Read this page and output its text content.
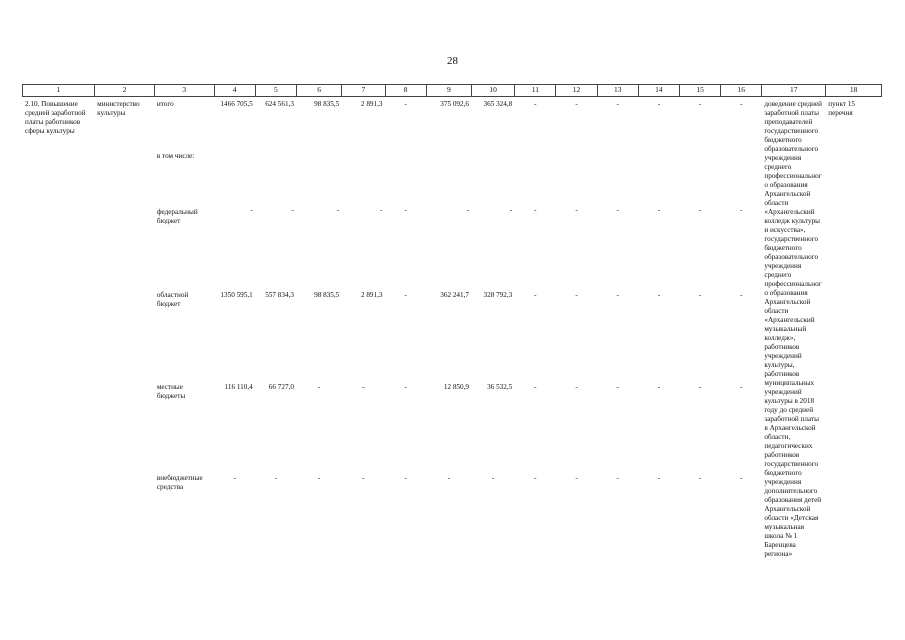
28
1	2	3	4	5	6	7	8	9	10	11	12	13	14	15	16	17	18
2.10. Повышение средней заработной платы работников сферы культуры	министерство культуры	итого	1466 705,5	624 561,3	98 835,5	2 891,3	-	375 092,6	365 324,8	-	-	-	-	-	-	доведение средней заработной платы преподавателей государственного бюджетного образовательного учреждения среднего профессионального образования Архангельской области «Архангельский колледж культуры и искусства», государственного бюджетного образовательного учреждения среднего профессионального образования Архангельской области «Архангельский музыкальный колледж», работников учреждений культуры, работников муниципальных учреждений культуры в 2018 году до средней заработной платы в Архангельской области, педагогических работников государственного бюджетного учреждения дополнительного образования детей Архангельской области «Детская музыкальная школа № 1 Баренцева региона»	пункт 15 перечня
		в том числе:															
		федеральный бюджет	-	-	-	-	-	-	-	-	-	-	-	-	-		
		областной бюджет	1350 595,1	557 834,3	98 835,5	2 891,3	-	362 241,7	328 792,3	-	-	-	-	-	-		
		местные бюджеты	116 110,4	66 727,0	-	-	-	12 850,9	36 532,5	-	-	-	-	-	-		
		внебюджетные средства	-	-	-	-	-	-	-	-	-	-	-	-	-		
